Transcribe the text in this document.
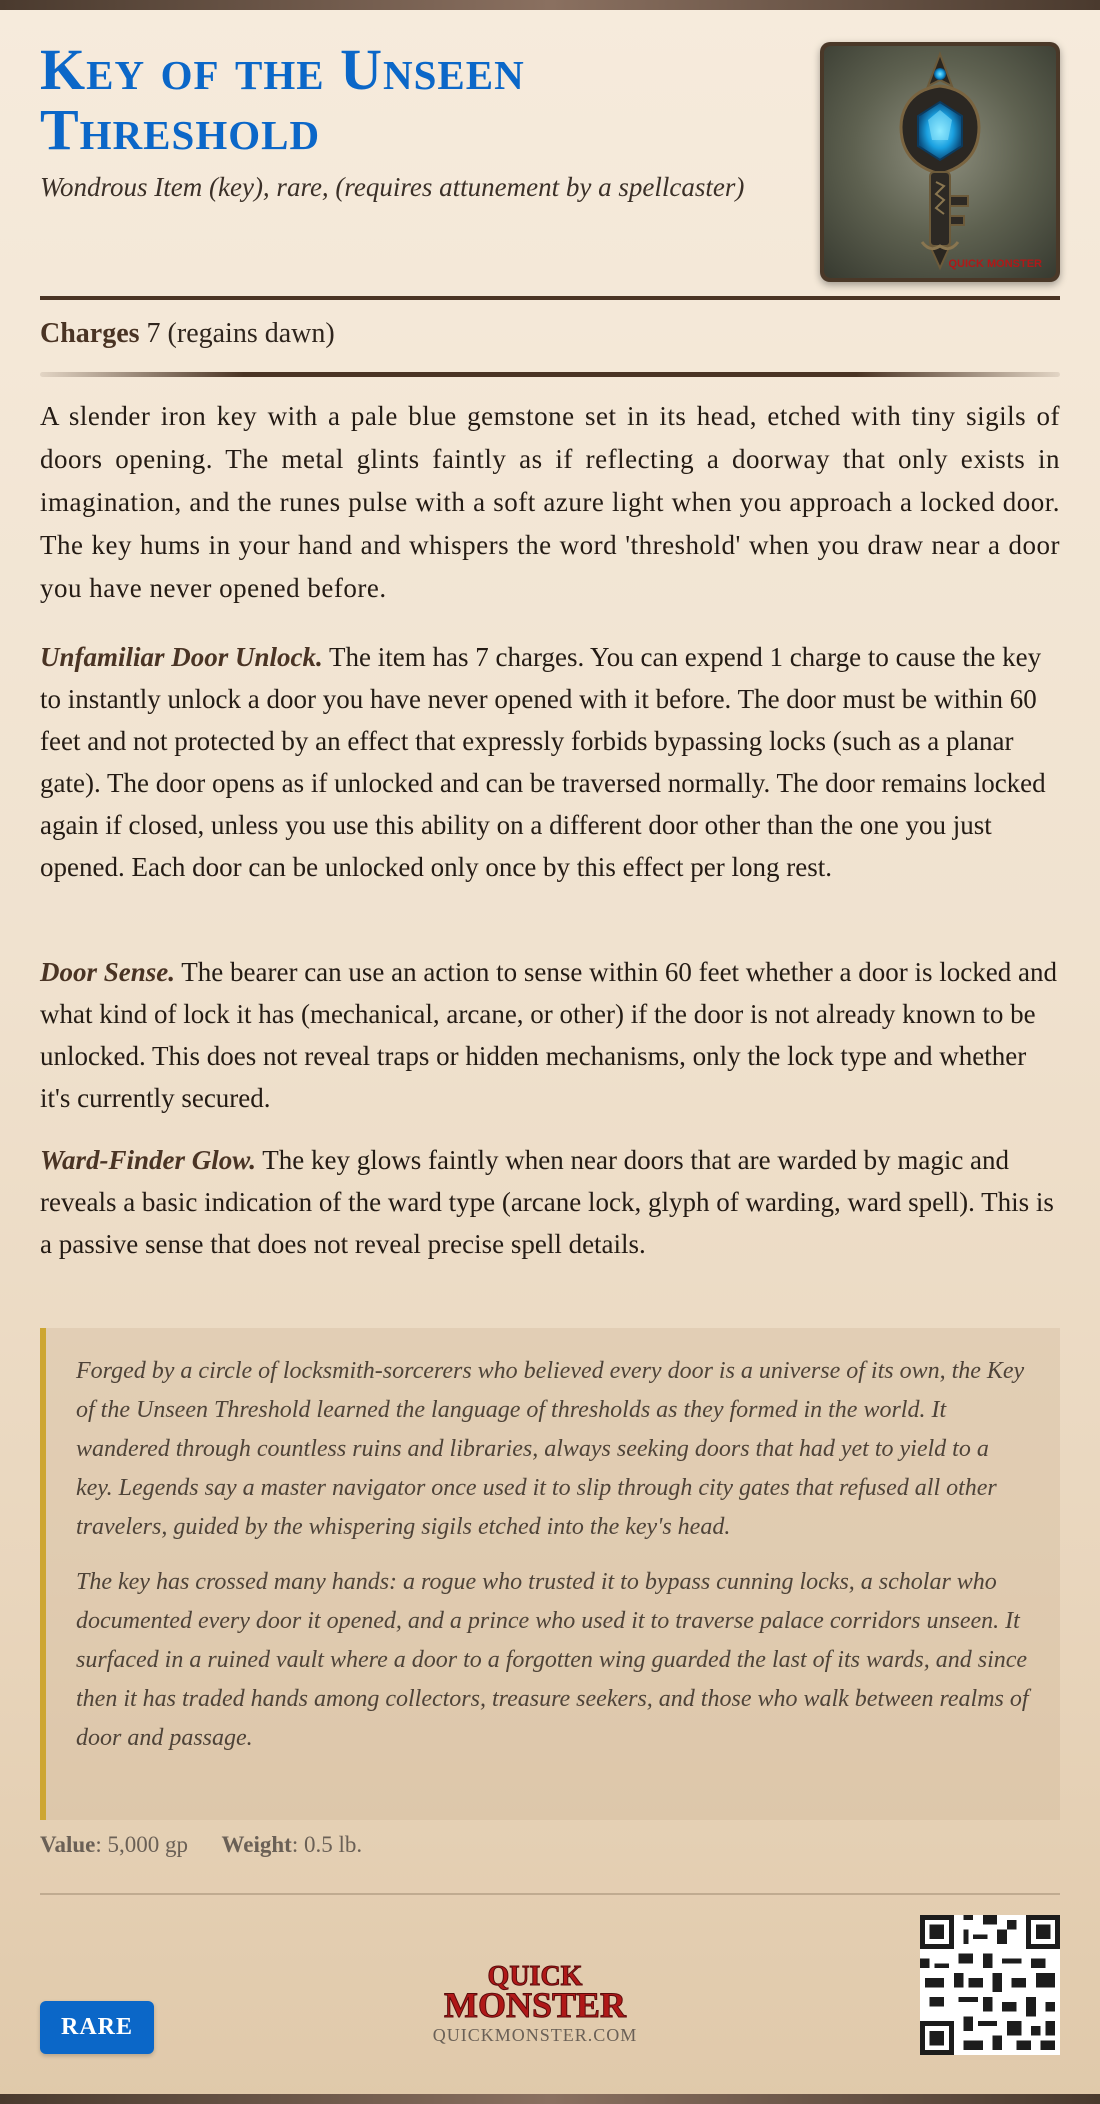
Key of the Unseen Threshold
Wondrous Item (key), rare, (requires attunement by a spellcaster)
QUICK MONSTER
Charges 7 (regains dawn)

A slender iron key with a pale blue gemstone set in its head, etched with tiny sigils of doors opening. The metal glints faintly as if reflecting a doorway that only exists in imagination, and the runes pulse with a soft azure light when you approach a locked door. The key hums in your hand and whispers the word 'threshold' when you draw near a door you have never opened before.

Unfamiliar Door Unlock. The item has 7 charges. You can expend 1 charge to cause the key to instantly unlock a door you have never opened with it before. The door must be within 60 feet and not protected by an effect that expressly forbids bypassing locks (such as a planar gate). The door opens as if unlocked and can be traversed normally. The door remains locked again if closed, unless you use this ability on a different door other than the one you just opened. Each door can be unlocked only once by this effect per long rest.

Door Sense. The bearer can use an action to sense within 60 feet whether a door is locked and what kind of lock it has (mechanical, arcane, or other) if the door is not already known to be unlocked. This does not reveal traps or hidden mechanisms, only the lock type and whether it's currently secured.

Ward-Finder Glow. The key glows faintly when near doors that are warded by magic and reveals a basic indication of the ward type (arcane lock, glyph of warding, ward spell). This is a passive sense that does not reveal precise spell details.

Forged by a circle of locksmith-sorcerers who believed every door is a universe of its own, the Key of the Unseen Threshold learned the language of thresholds as they formed in the world. It wandered through countless ruins and libraries, always seeking doors that had yet to yield to a key. Legends say a master navigator once used it to slip through city gates that refused all other travelers, guided by the whispering sigils etched into the key's head.

The key has crossed many hands: a rogue who trusted it to bypass cunning locks, a scholar who documented every door it opened, and a prince who used it to traverse palace corridors unseen. It surfaced in a ruined vault where a door to a forgotten wing guarded the last of its wards, and since then it has traded hands among collectors, treasure seekers, and those who walk between realms of door and passage.

Value: 5,000 gp Weight: 0.5 lb.
RARE
QUICK
MONSTER
QUICKMONSTER.COM
